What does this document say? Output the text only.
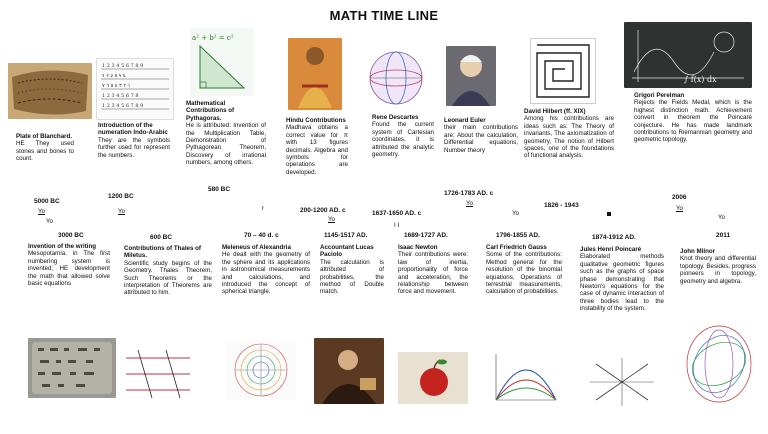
MATH TIME LINE
1 2 3 4 5 6 7 8 9
१ २ ३ ४ ५ ६
١ ٢ ٣ ٤ ٥ ٦ ٧
1 2 3 4 5 6 7 8
1 2 3 4 5 6 7 8 9
a² + b² = c²
∫ f(x) dx

Plate of Blanchard.

HE They used stones and bones to count.

5000 BC
Yo
Yo

Introduction of the numeration Indo-Arabic

They are the symbols further used for represent the numbers.

1200 BC
Yo

Mathematical Contributions of Pythagoras.

He is attributed: Invention of the Multiplication Table, Demonstration of Pythagorean Theorem, Discovery of irrational numbers, among others.

580 BC
r

Hindu Contributions

Madhava obtains a correct value for π with 13 figures decimals. Algebra and symbols for operations are developed.

200-1200 AD. c
Yo

Rene Descartes

Found the current system of Cartesian coordinates, it is attributed the analytic geometry.

1637-1650 AD. c
I I

Leonard Euler

their main contributions are: About the calculation, Differential equations, Number theory

1726-1783 AD. c
Yo
Yo

David Hilbert (ff. XIX)

Among his contributions are ideas such as: The Theory of invariants, The axiomatization of geometry, The notion of Hilbert spaces, one of the foundations of functional analysis.

1826 - 1943

Grigori Perelman

Rejects the Fields Medal, which is the highest distinction math. Achievement convert in theorem the Poincaré conjecture. He has made landmark contributions to Riemannian geometry and geometric topology.

2006
Yo
Yo
3000 BC

Invention of the writing

Mesopotamia. in The first numbering system is invented; HE development the math that allowed solve basic equations

600 BC

Contributions of Thales of Miletus.

Scientific study begins of the Geometry. Thales Theorem, Such Theorems or the interpretation of Theorems are attributed to him.

70 – 40 d. c

Meleneus of Alexandria

He dealt with the geometry of the sphere and its applications in astronomical measurements and calculations, and introduced the concept of spherical triangle.

1145-1517 AD.

Accountant Lucas Paciolo

The calculation is attributed of probabilities, the method of Double match.

1689-1727 AD.

Isaac Newton

Their contributions were: law of inertia, proportionality of force and acceleration, the relationship between force and movement.

1796-1855 AD.

Carl Friedrich Gauss

Some of the contributions: Method general for the resolution of the binomial equations, Operations of terrestrial measurements, calculation of probabilities.

1874-1912 AD.

Jules Henri Poincaré

Elaborated methods qualitative geometric figures such as the graphs of space phase demonstrating that Newton's equations for the case of dynamic interaction of three bodies lead to the instability of the system.

2011

John Milnor

Knot theory and differential topology. Besides, progress pioneers in topology, geometry and algebra.
